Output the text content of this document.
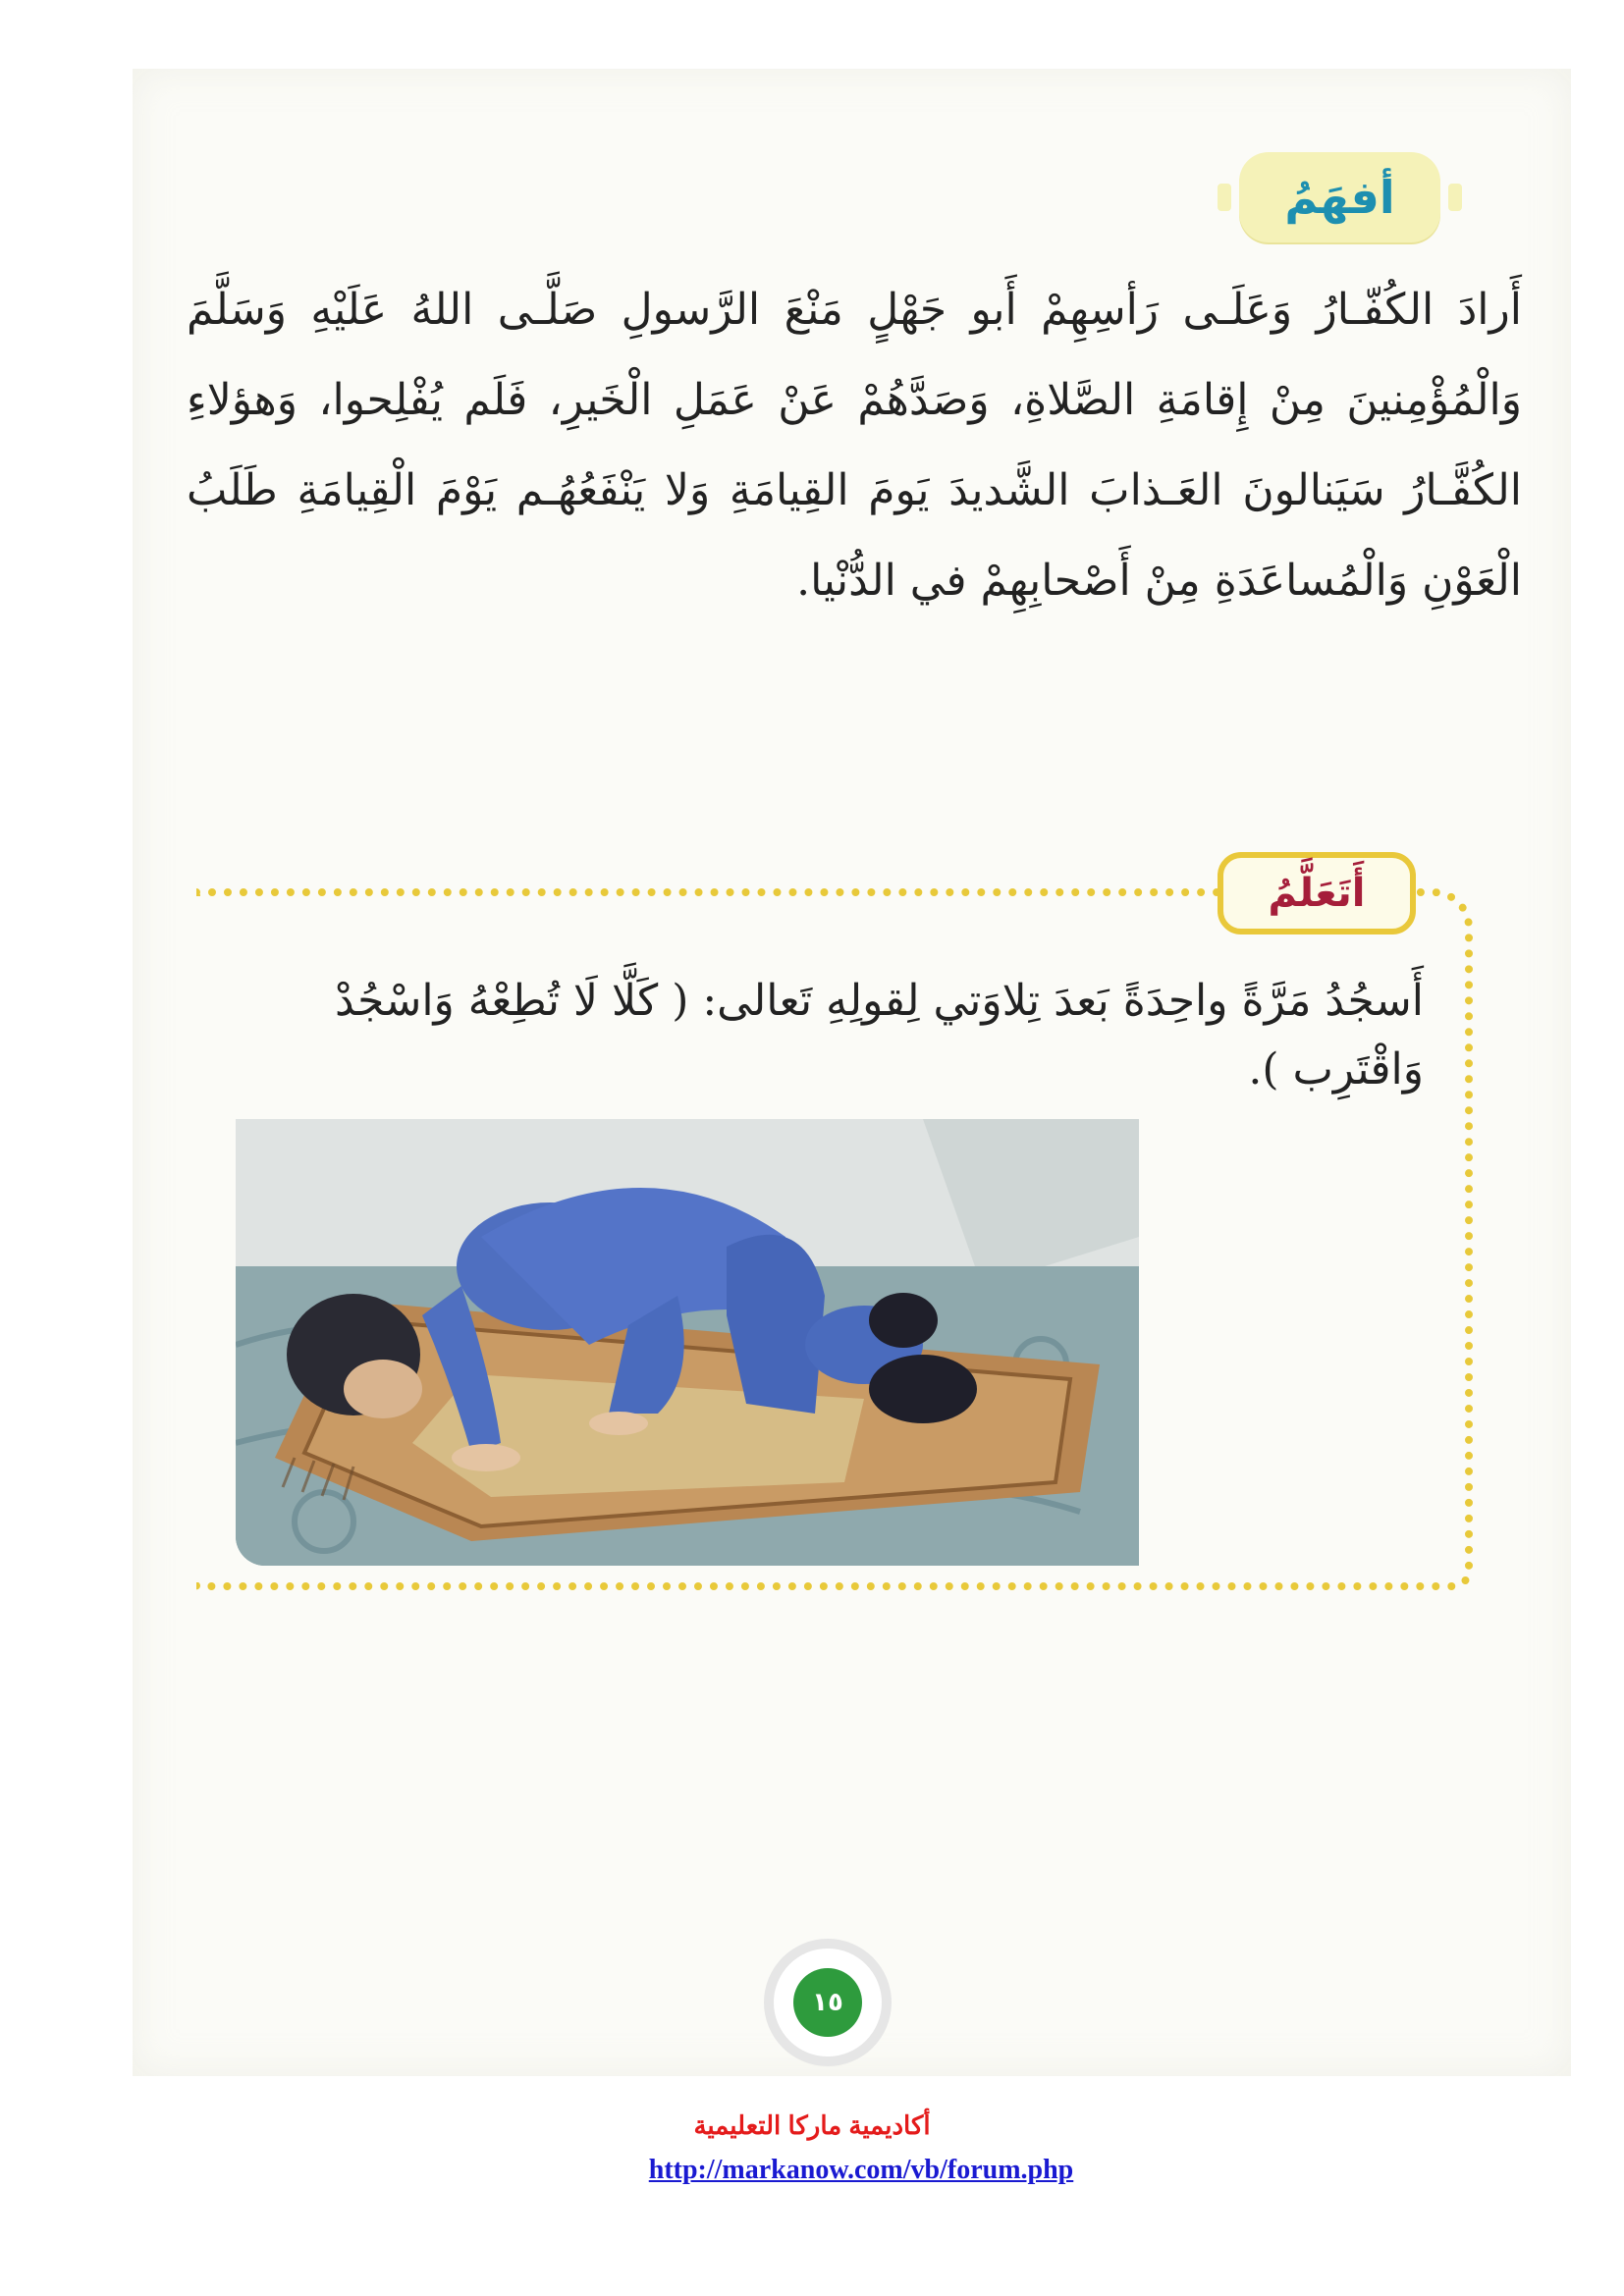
أفهَمُ
أَرادَ الكُفّـارُ وَعَلَـى رَأسِهِمْ أَبو جَهْلٍ مَنْعَ الرَّسولِ صَلَّـى اللهُ عَلَيْهِ وَسَلَّمَ وَالْمُؤْمِنينَ مِنْ إِقامَةِ الصَّلاةِ، وَصَدَّهُمْ عَنْ عَمَلِ الْخَيرِ، فَلَم يُفْلِحوا، وَهؤلاءِ الكُفَّـارُ سَيَنالونَ العَـذابَ الشَّديدَ يَومَ القِيامَةِ وَلا يَنْفَعُهُـم يَوْمَ الْقِيامَةِ طَلَبُ الْعَوْنِ وَالْمُساعَدَةِ مِنْ أَصْحابِهِمْ في الدُّنْيا.
أَتَعَلَّمُ
أَسجُدُ مَرَّةً واحِدَةً بَعدَ تِلاوَتي لِقولِهِ تَعالى: ( كَلَّا لَا تُطِعْهُ وَاسْجُدْ وَاقْتَرِب ).
١٥
أكاديمية ماركا التعليمية
http://markanow.com/vb/forum.php
